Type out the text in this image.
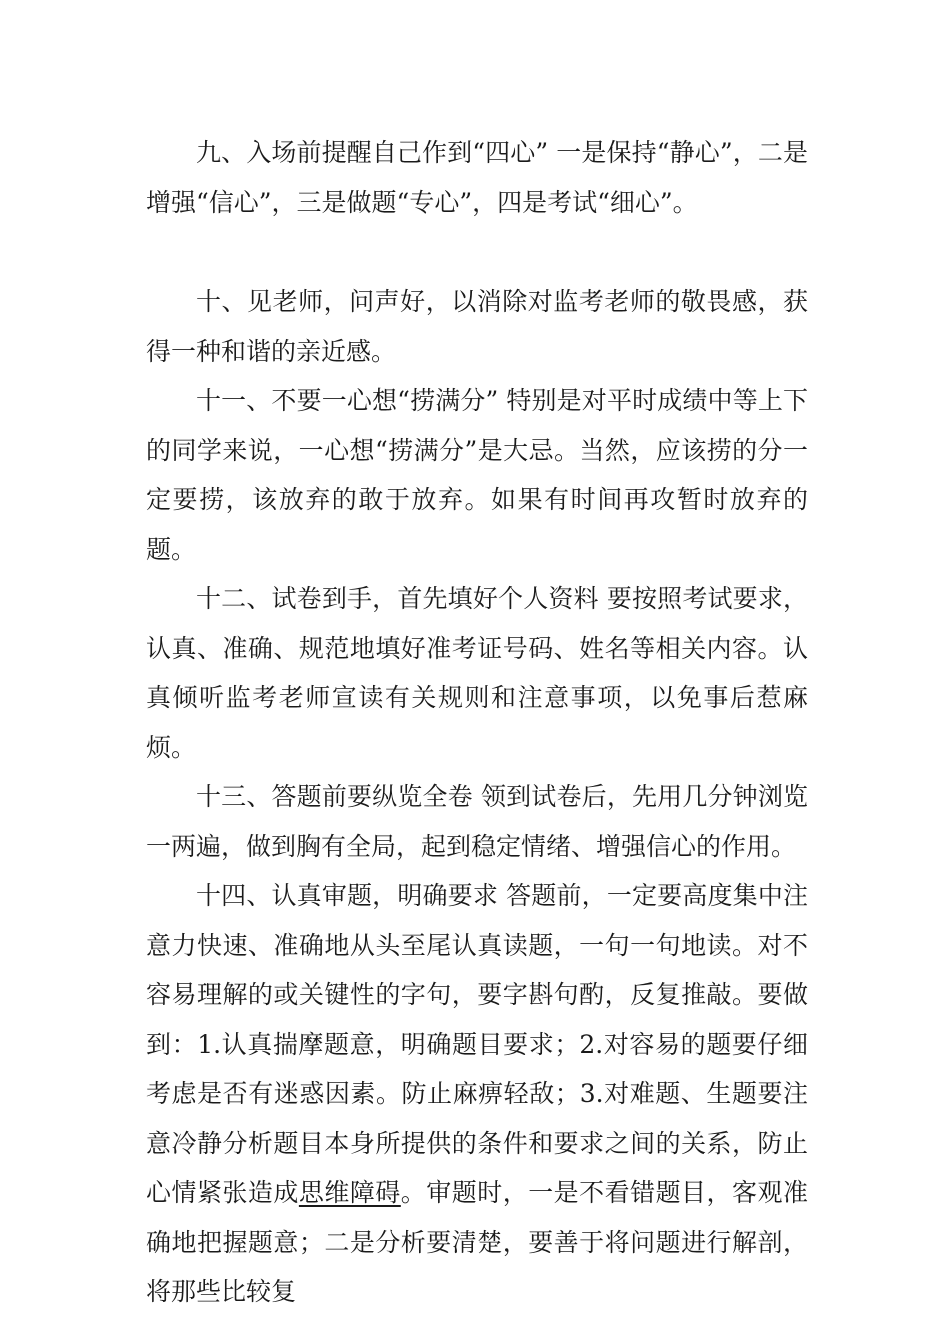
九、入场前提醒自己作到“四心” 一是保持“静心”，二是增强“信心”，三是做题“专心”，四是考试“细心”。

十、见老师，问声好，以消除对监考老师的敬畏感，获得一种和谐的亲近感。

十一、不要一心想“捞满分” 特别是对平时成绩中等上下的同学来说，一心想“捞满分”是大忌。当然，应该捞的分一定要捞，该放弃的敢于放弃。如果有时间再攻暂时放弃的题。

十二、试卷到手，首先填好个人资料 要按照考试要求，认真、准确、规范地填好准考证号码、姓名等相关内容。认真倾听监考老师宣读有关规则和注意事项，以免事后惹麻烦。

十三、答题前要纵览全卷 领到试卷后，先用几分钟浏览一两遍，做到胸有全局，起到稳定情绪、增强信心的作用。

十四、认真审题，明确要求 答题前，一定要高度集中注意力快速、准确地从头至尾认真读题，一句一句地读。对不容易理解的或关键性的字句，要字斟句酌，反复推敲。要做到：1.认真揣摩题意，明确题目要求；2.对容易的题要仔细考虑是否有迷惑因素。防止麻痹轻敌；3.对难题、生题要注意冷静分析题目本身所提供的条件和要求之间的关系，防止心情紧张造成思维障碍。审题时，一是不看错题目，客观准确地把握题意；二是分析要清楚，要善于将问题进行解剖，将那些比较复
